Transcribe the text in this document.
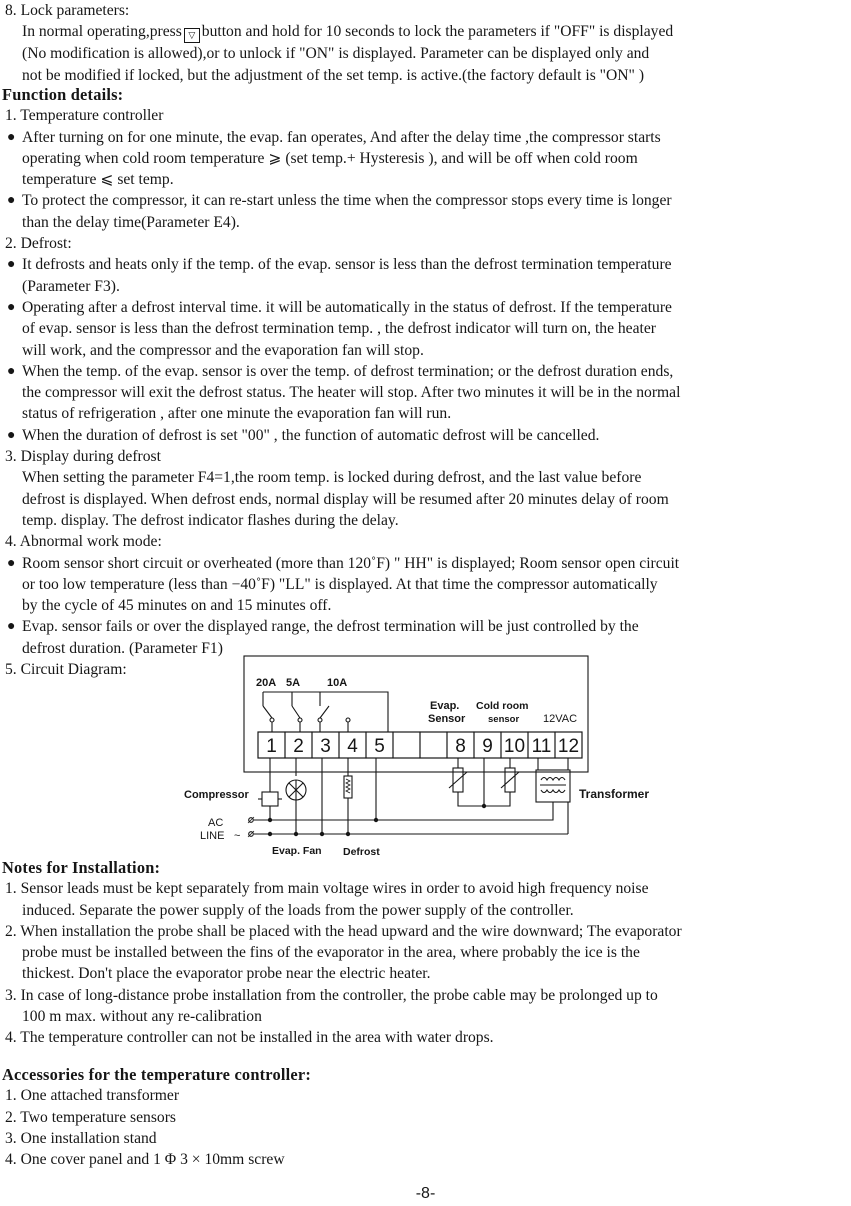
8. Lock parameters:

In normal operating,press ▽ button and hold for 10 seconds to lock the parameters if "OFF" is displayed

(No modification is allowed),or to unlock if "ON" is displayed. Parameter can be displayed only and

not be modified if locked, but the adjustment of the set temp. is active.(the factory default is "ON" )

Function details:

1. Temperature controller

● After turning on for one minute, the evap. fan operates, And after the delay time ,the compressor starts

operating when cold room temperature ⩾ (set temp.+ Hysteresis ), and will be off when cold room

temperature ⩽ set temp.

● To protect the compressor, it can re-start unless the time when the compressor stops every time is longer

than the delay time(Parameter E4).

2. Defrost:

● It defrosts and heats only if the temp. of the evap. sensor is less than the defrost termination temperature

(Parameter F3).

● Operating after a defrost interval time. it will be automatically in the status of defrost. If the temperature

of evap. sensor is less than the defrost termination temp. , the defrost indicator will turn on, the heater

will work, and the compressor and the evaporation fan will stop.

● When the temp. of the evap. sensor is over the temp. of defrost termination; or the defrost duration ends,

the compressor will exit the defrost status. The heater will stop. After two minutes it will be in the normal

status of refrigeration , after one minute the evaporation fan will run.

● When the duration of defrost is set "00" , the function of automatic defrost will be cancelled.

3. Display during defrost

When setting the parameter F4=1,the room temp. is locked during defrost, and the last value before

defrost is displayed. When defrost ends, normal display will be resumed after 20 minutes delay of room

temp. display. The defrost indicator flashes during the delay.

4. Abnormal work mode:

● Room sensor short circuit or overheated (more than 120˚F) " HH" is displayed; Room sensor open circuit

or too low temperature (less than −40˚F) "LL" is displayed. At that time the compressor automatically

by the cycle of 45 minutes on and 15 minutes off.

● Evap. sensor fails or over the displayed range, the defrost termination will be just controlled by the

defrost duration. (Parameter F1)

5. Circuit Diagram:

1 2 3 4 5	8 9 10 11 12
20A 5A 10A
Evap.
Sensor
Cold room
sensor 12VAC
Compressor	Transformer
Evap. Fan Defrost
AC
LINE ~

Notes for Installation:

1. Sensor leads must be kept separately from main voltage wires in order to avoid high frequency noise

induced. Separate the power supply of the loads from the power supply of the controller.

2. When installation the probe shall be placed with the head upward and the wire downward; The evaporator

probe must be installed between the fins of the evaporator in the area, where probably the ice is the

thickest. Don't place the evaporator probe near the electric heater.

3. In case of long-distance probe installation from the controller, the probe cable may be prolonged up to

100 m max. without any re-calibration

4. The temperature controller can not be installed in the area with water drops.

Accessories for the temperature controller:

1. One attached transformer

2. Two temperature sensors

3. One installation stand

4. One cover panel and 1 Φ 3 × 10mm screw

-8-
